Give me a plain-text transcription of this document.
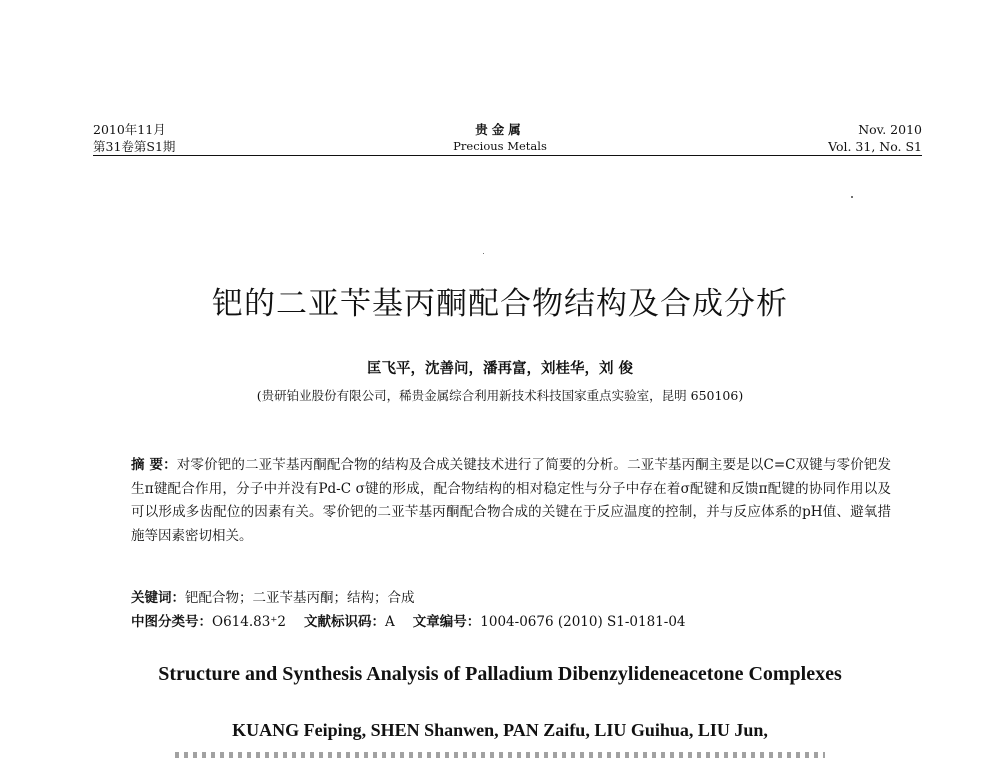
2010年11月
第31卷第S1期
贵金属
Precious Metals
Nov. 2010
Vol. 31, No. S1
钯的二亚苄基丙酮配合物结构及合成分析
匡飞平，沈善问，潘再富，刘桂华，刘 俊
(贵研铂业股份有限公司，稀贵金属综合利用新技术科技国家重点实验室，昆明 650106)
摘 要：对零价钯的二亚苄基丙酮配合物的结构及合成关键技术进行了简要的分析。二亚苄基丙酮主要是以C=C双键与零价钯发生π键配合作用，分子中并没有Pd-C σ键的形成，配合物结构的相对稳定性与分子中存在着σ配键和反馈π配键的协同作用以及可以形成多齿配位的因素有关。零价钯的二亚苄基丙酮配合物合成的关键在于反应温度的控制，并与反应体系的pH值、避氧措施等因素密切相关。
关键词：钯配合物；二亚苄基丙酮；结构；合成
中图分类号：O614.83⁺2 文献标识码：A 文章编号：1004-0676 (2010) S1-0181-04
Structure and Synthesis Analysis of Palladium Dibenzylideneacetone Complexes
KUANG Feiping, SHEN Shanwen, PAN Zaifu, LIU Guihua, LIU Jun,
